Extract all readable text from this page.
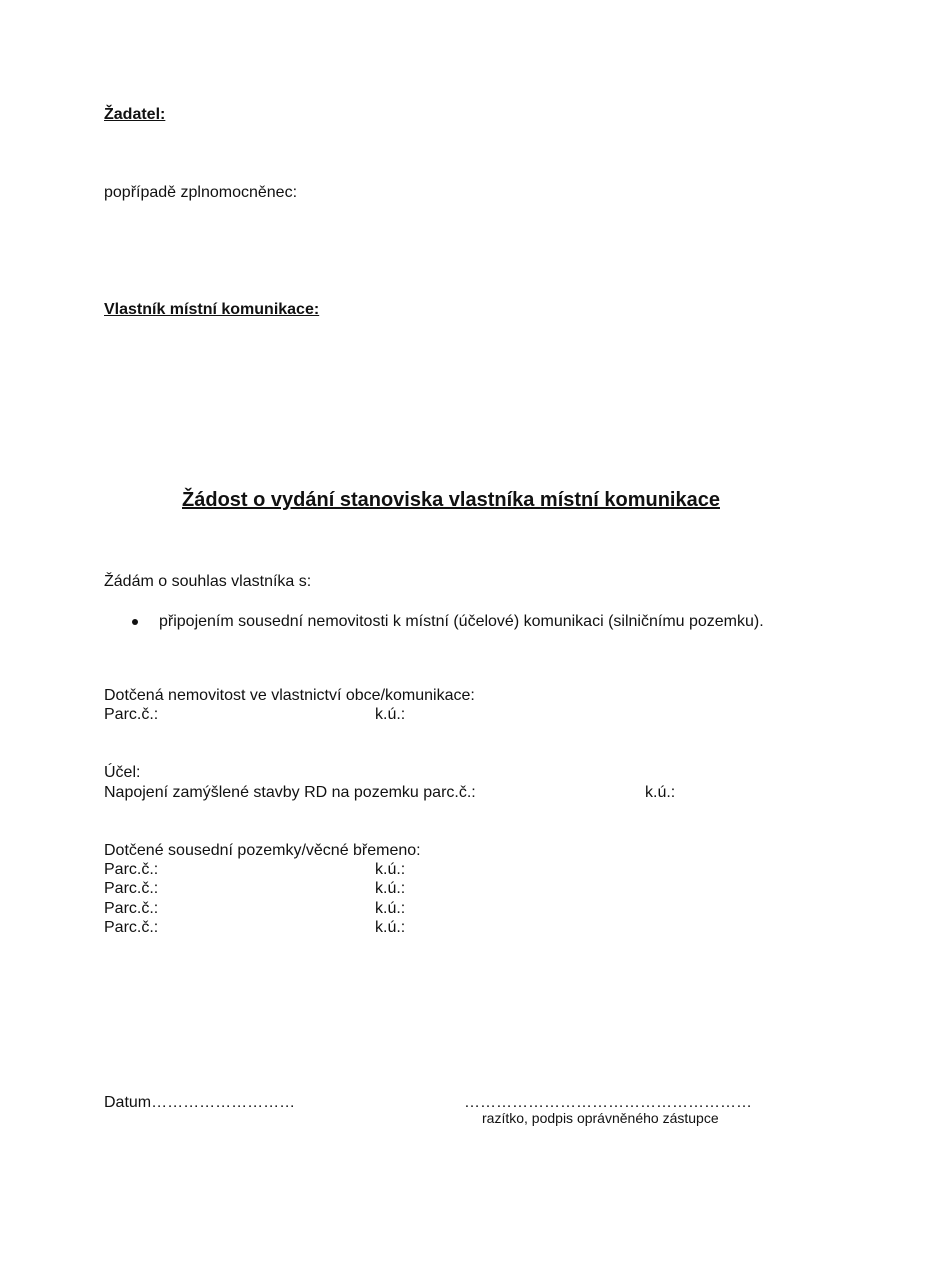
Žadatel:
popřípadě zplnomocněnec:
Vlastník místní komunikace:
Žádost o vydání stanoviska vlastníka místní komunikace
Žádám o souhlas vlastníka s:
připojením sousední nemovitosti k místní (účelové) komunikaci (silničnímu pozemku).
Dotčená nemovitost ve vlastnictví obce/komunikace:
Parc.č.:	k.ú.:
Účel:
Napojení zamýšlené stavby RD na pozemku parc.č.:	k.ú.:
Dotčené sousední pozemky/věcné břemeno:
Parc.č.:	k.ú.:
Parc.č.:	k.ú.:
Parc.č.:	k.ú.:
Parc.č.:	k.ú.:
Datum………………………	………………………………………………
razítko, podpis oprávněného zástupce
